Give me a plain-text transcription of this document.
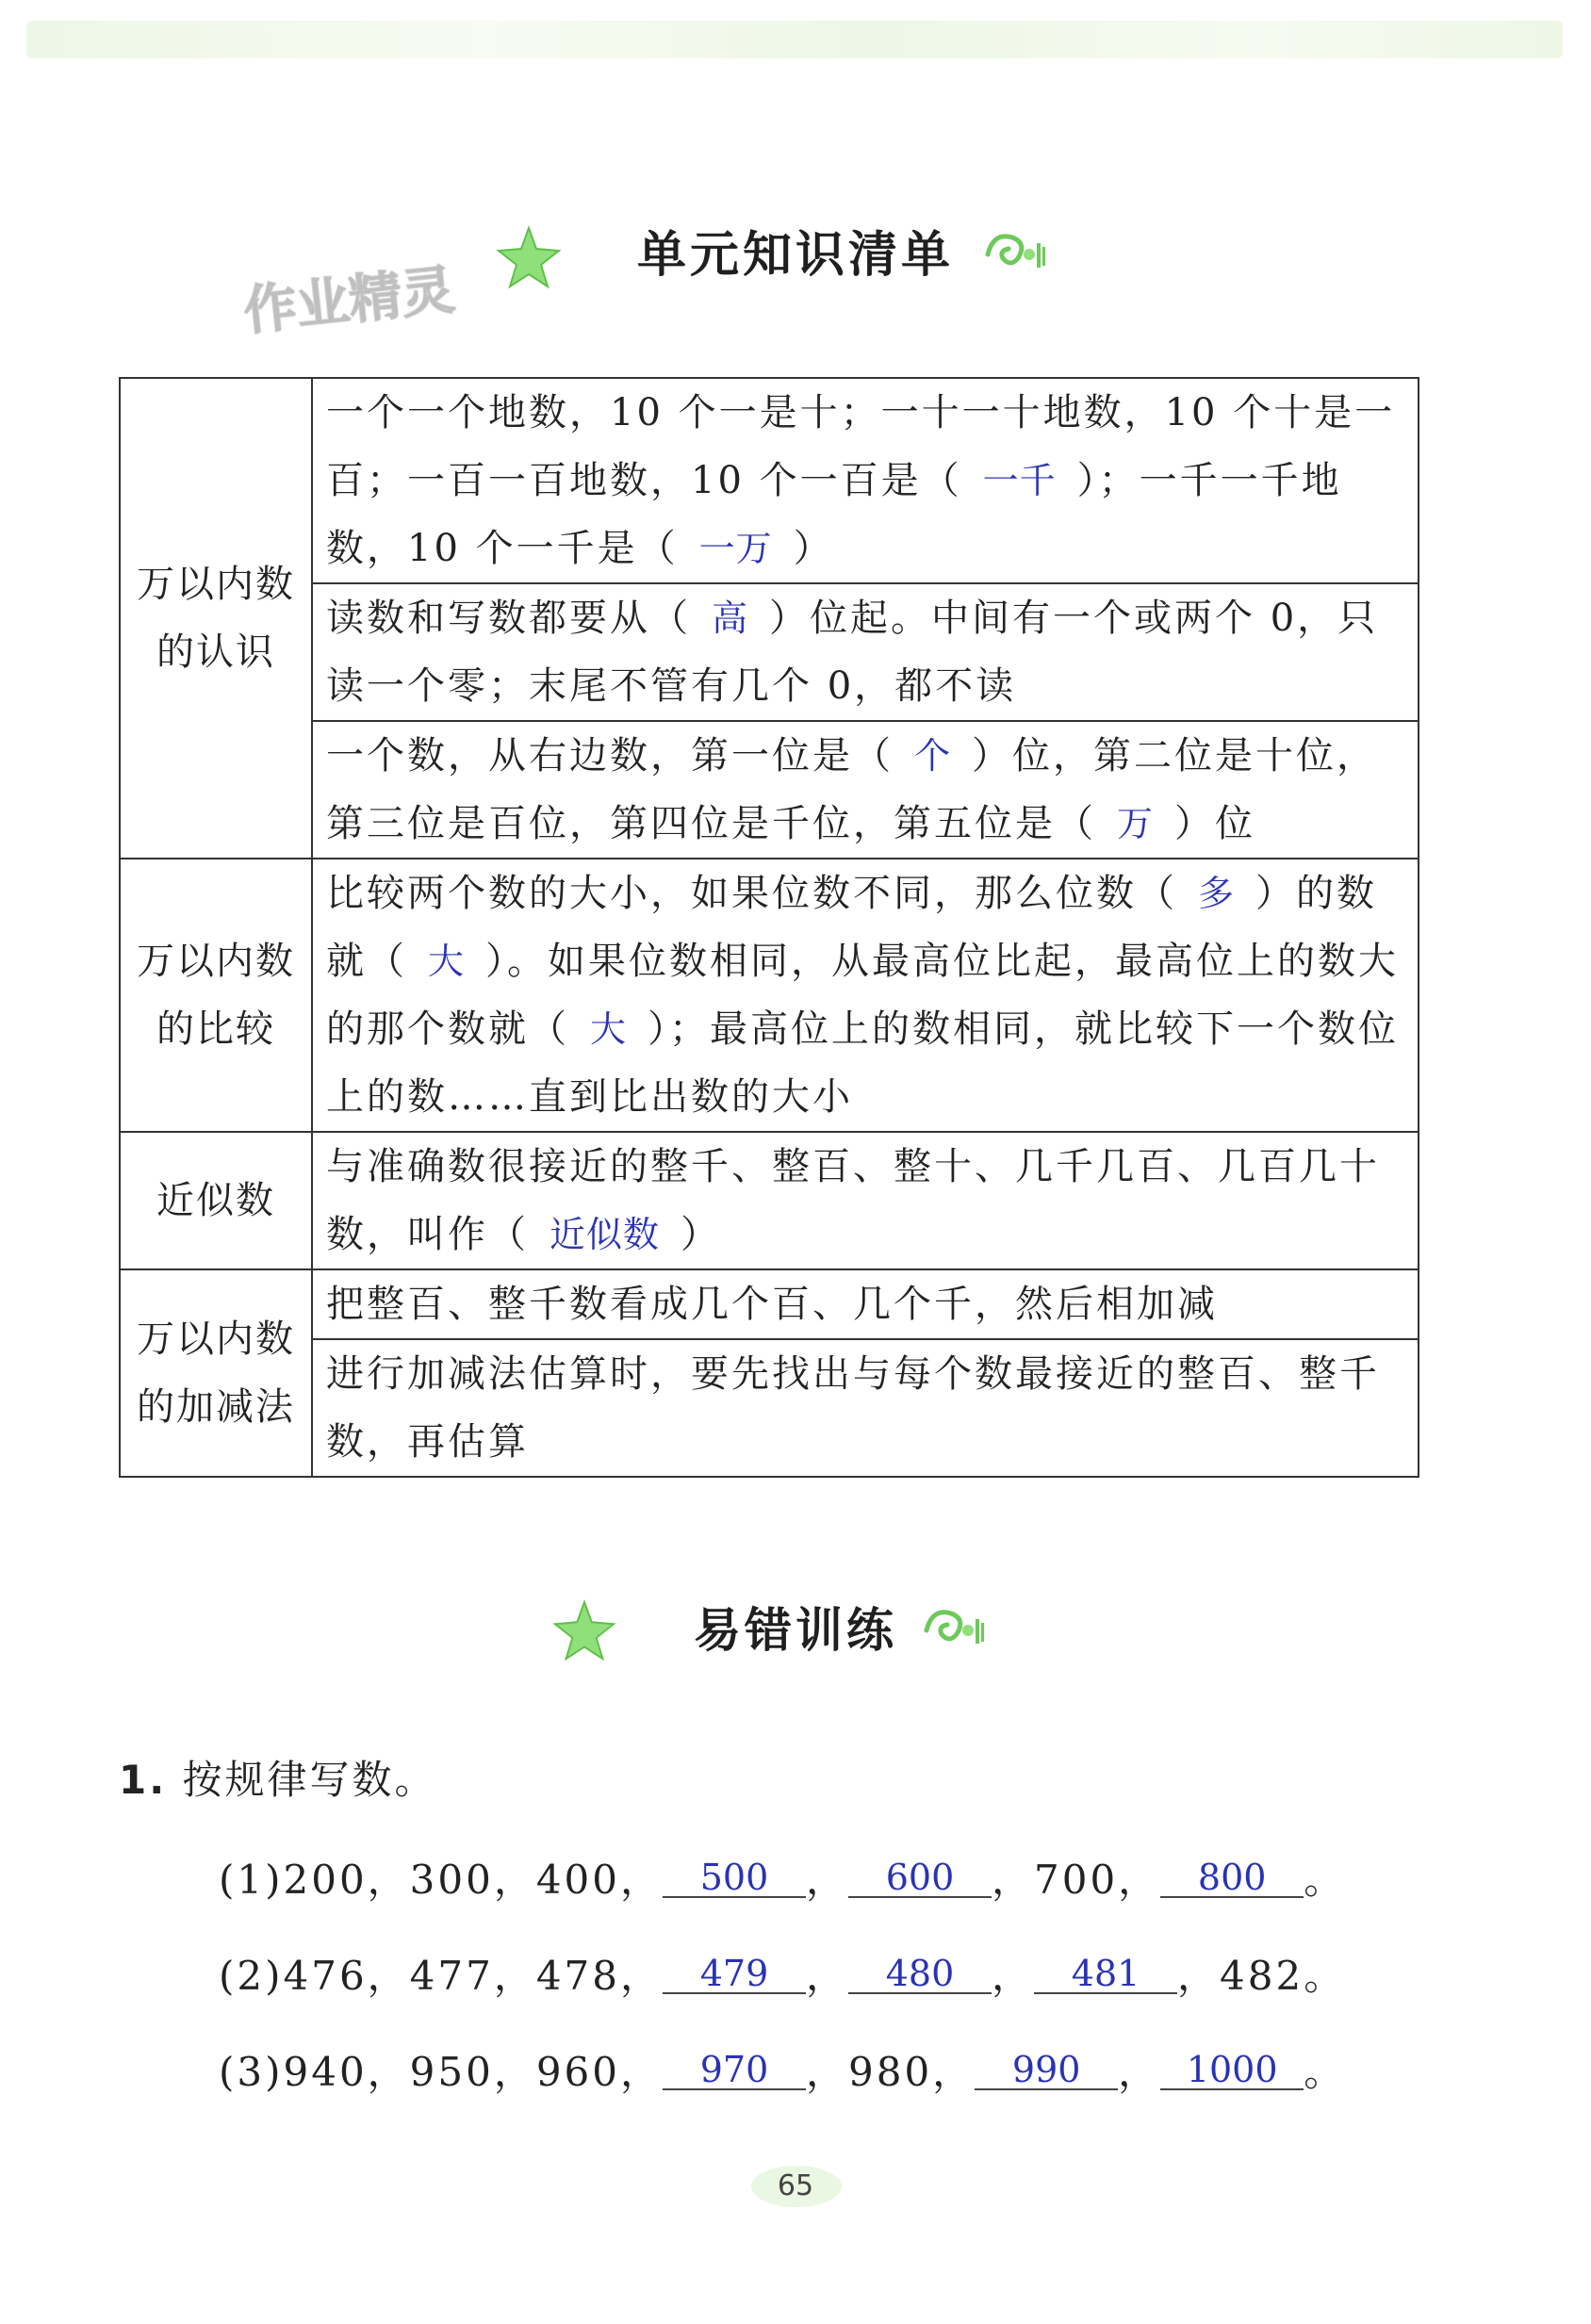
作业精灵
单元知识清单
万以内数的认识	一个一个地数，10 个一是十；一十一十地数，10 个十是一百；一百一百地数，10 个一百是（ 一千 ）；一千一千地数，10 个一千是（ 一万 ）
	读数和写数都要从（ 高 ）位起。中间有一个或两个 0，只读一个零；末尾不管有几个 0，都不读
	一个数，从右边数，第一位是（ 个 ）位，第二位是十位，第三位是百位，第四位是千位，第五位是（ 万 ）位
万以内数的比较	比较两个数的大小，如果位数不同，那么位数（ 多 ）的数就（ 大 ）。如果位数相同，从最高位比起，最高位上的数大的那个数就（ 大 ）；最高位上的数相同，就比较下一个数位上的数……直到比出数的大小
近似数	与准确数很接近的整千、整百、整十、几千几百、几百几十数，叫作（ 近似数 ）
万以内数的加减法	把整百、整千数看成几个百、几个千，然后相加减
	进行加减法估算时，要先找出与每个数最接近的整百、整千数，再估算
易错训练
1. 按规律写数。
(1)200，300，400， 500 ， 600 ，700， 800 。
(2)476，477，478， 479 ， 480 ， 481 ，482。
(3)940，950，960， 970 ，980， 990 ， 1000 。
65
